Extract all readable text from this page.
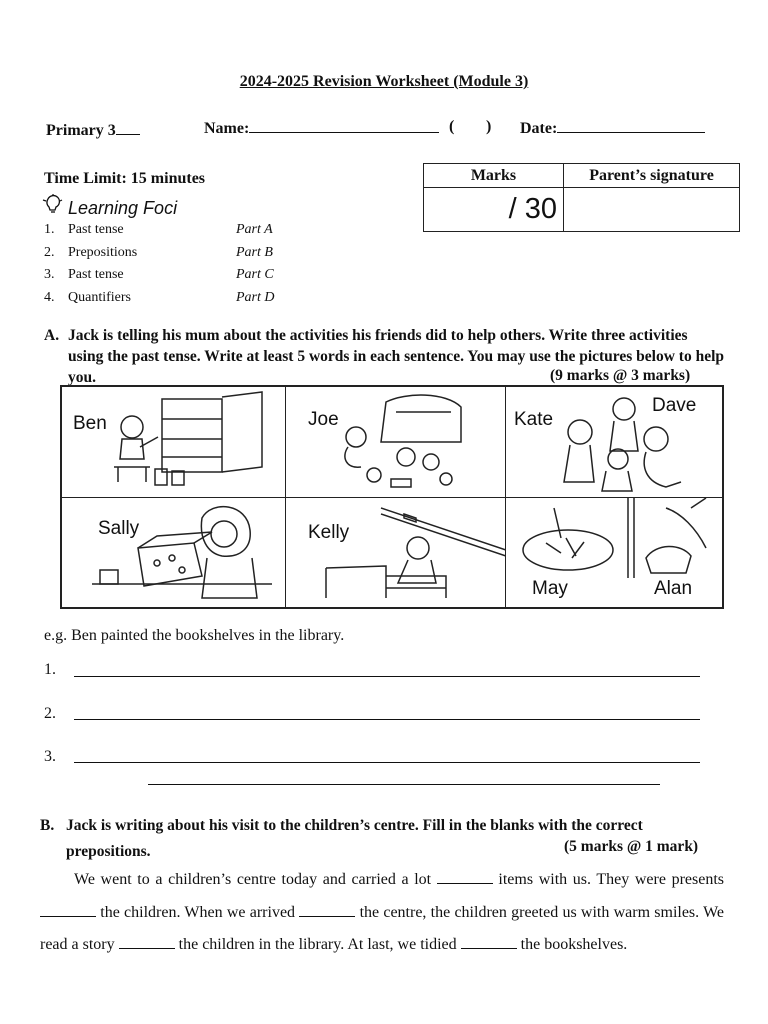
2024-2025 Revision Worksheet (Module 3)
Primary 3	Name:	( ) Date:
Time Limit: 15 minutes	Marks	Parent’s signature
/ 30	
Learning Foci
1. Past tense	Part A
2. Prepositions	Part B
3. Past tense	Part C
4. Quantifiers	Part D
A. Jack is telling his mum about the activities his friends did to help others. Write three activities using the past tense. Write at least 5 words in each sentence. You may use the pictures below to help you.	(9 marks @ 3 marks)
Ben	Joe	Kate
Dave
Sally	Kelly
May	Alan
e.g. Ben painted the bookshelves in the library.
1.
2.
3.
B. Jack is writing about his visit to the children’s centre. Fill in the blanks with the correct prepositions.	(5 marks @ 1 mark)
We went to a children’s centre today and carried a lot	items with us. They were presents  the children. When we arrived	the centre, the children greeted us with warm smiles. We read a story	the children in the library. At last, we tidied	the bookshelves.
